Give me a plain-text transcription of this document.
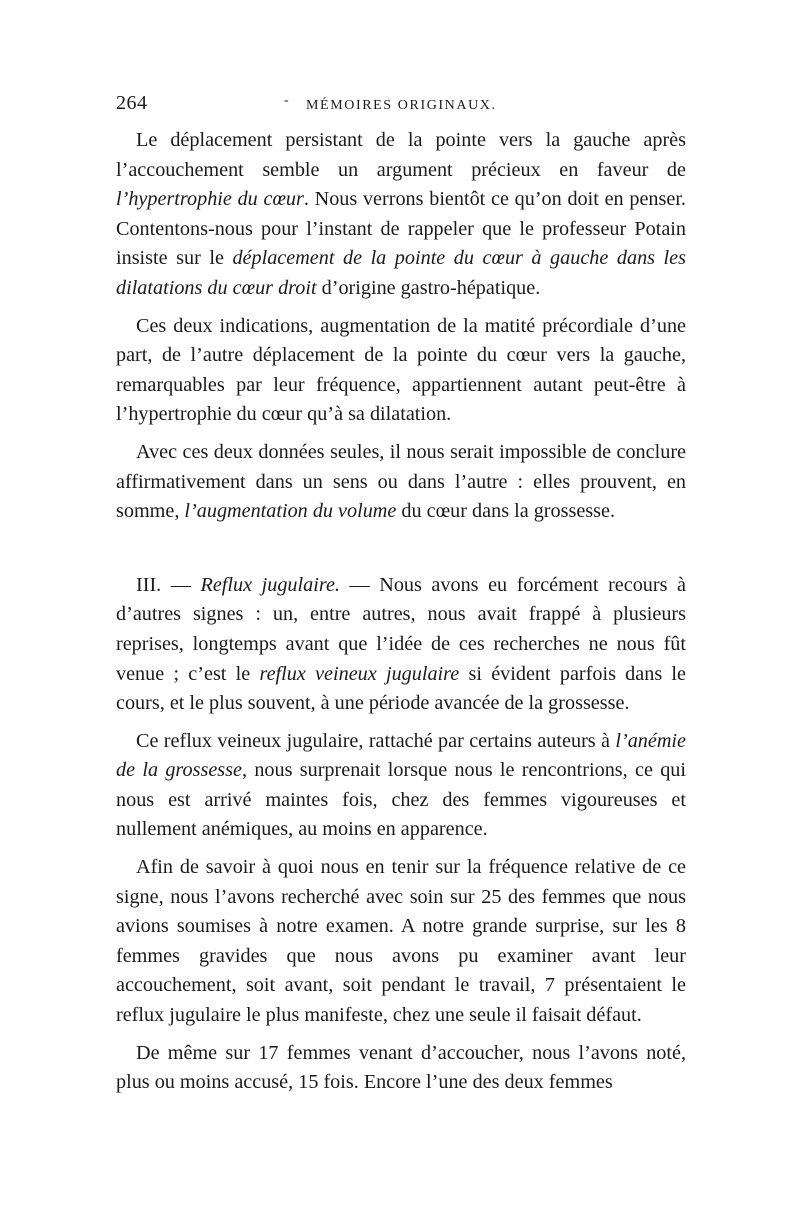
264	- MÉMOIRES ORIGINAUX.

Le déplacement persistant de la pointe vers la gauche après l’accouchement semble un argument précieux en faveur de l’hypertrophie du cœur. Nous verrons bientôt ce qu’on doit en penser. Contentons-nous pour l’instant de rappeler que le professeur Potain insiste sur le déplacement de la pointe du cœur à gauche dans les dilatations du cœur droit d’origine gastro-hépatique.

Ces deux indications, augmentation de la matité précordiale d’une part, de l’autre déplacement de la pointe du cœur vers la gauche, remarquables par leur fréquence, appartiennent autant peut-être à l’hypertrophie du cœur qu’à sa dilatation.

Avec ces deux données seules, il nous serait impossible de conclure affirmativement dans un sens ou dans l’autre : elles prouvent, en somme, l’augmentation du volume du cœur dans la grossesse.

III. — Reflux jugulaire. — Nous avons eu forcément recours à d’autres signes : un, entre autres, nous avait frappé à plusieurs reprises, longtemps avant que l’idée de ces recherches ne nous fût venue ; c’est le reflux veineux jugulaire si évident parfois dans le cours, et le plus souvent, à une période avancée de la grossesse.

Ce reflux veineux jugulaire, rattaché par certains auteurs à l’anémie de la grossesse, nous surprenait lorsque nous le rencontrions, ce qui nous est arrivé maintes fois, chez des femmes vigoureuses et nullement anémiques, au moins en apparence.

Afin de savoir à quoi nous en tenir sur la fréquence relative de ce signe, nous l’avons recherché avec soin sur 25 des femmes que nous avions soumises à notre examen. A notre grande surprise, sur les 8 femmes gravides que nous avons pu examiner avant leur accouchement, soit avant, soit pendant le travail, 7 présentaient le reflux jugulaire le plus manifeste, chez une seule il faisait défaut.

De même sur 17 femmes venant d’accoucher, nous l’avons noté, plus ou moins accusé, 15 fois. Encore l’une des deux femmes
